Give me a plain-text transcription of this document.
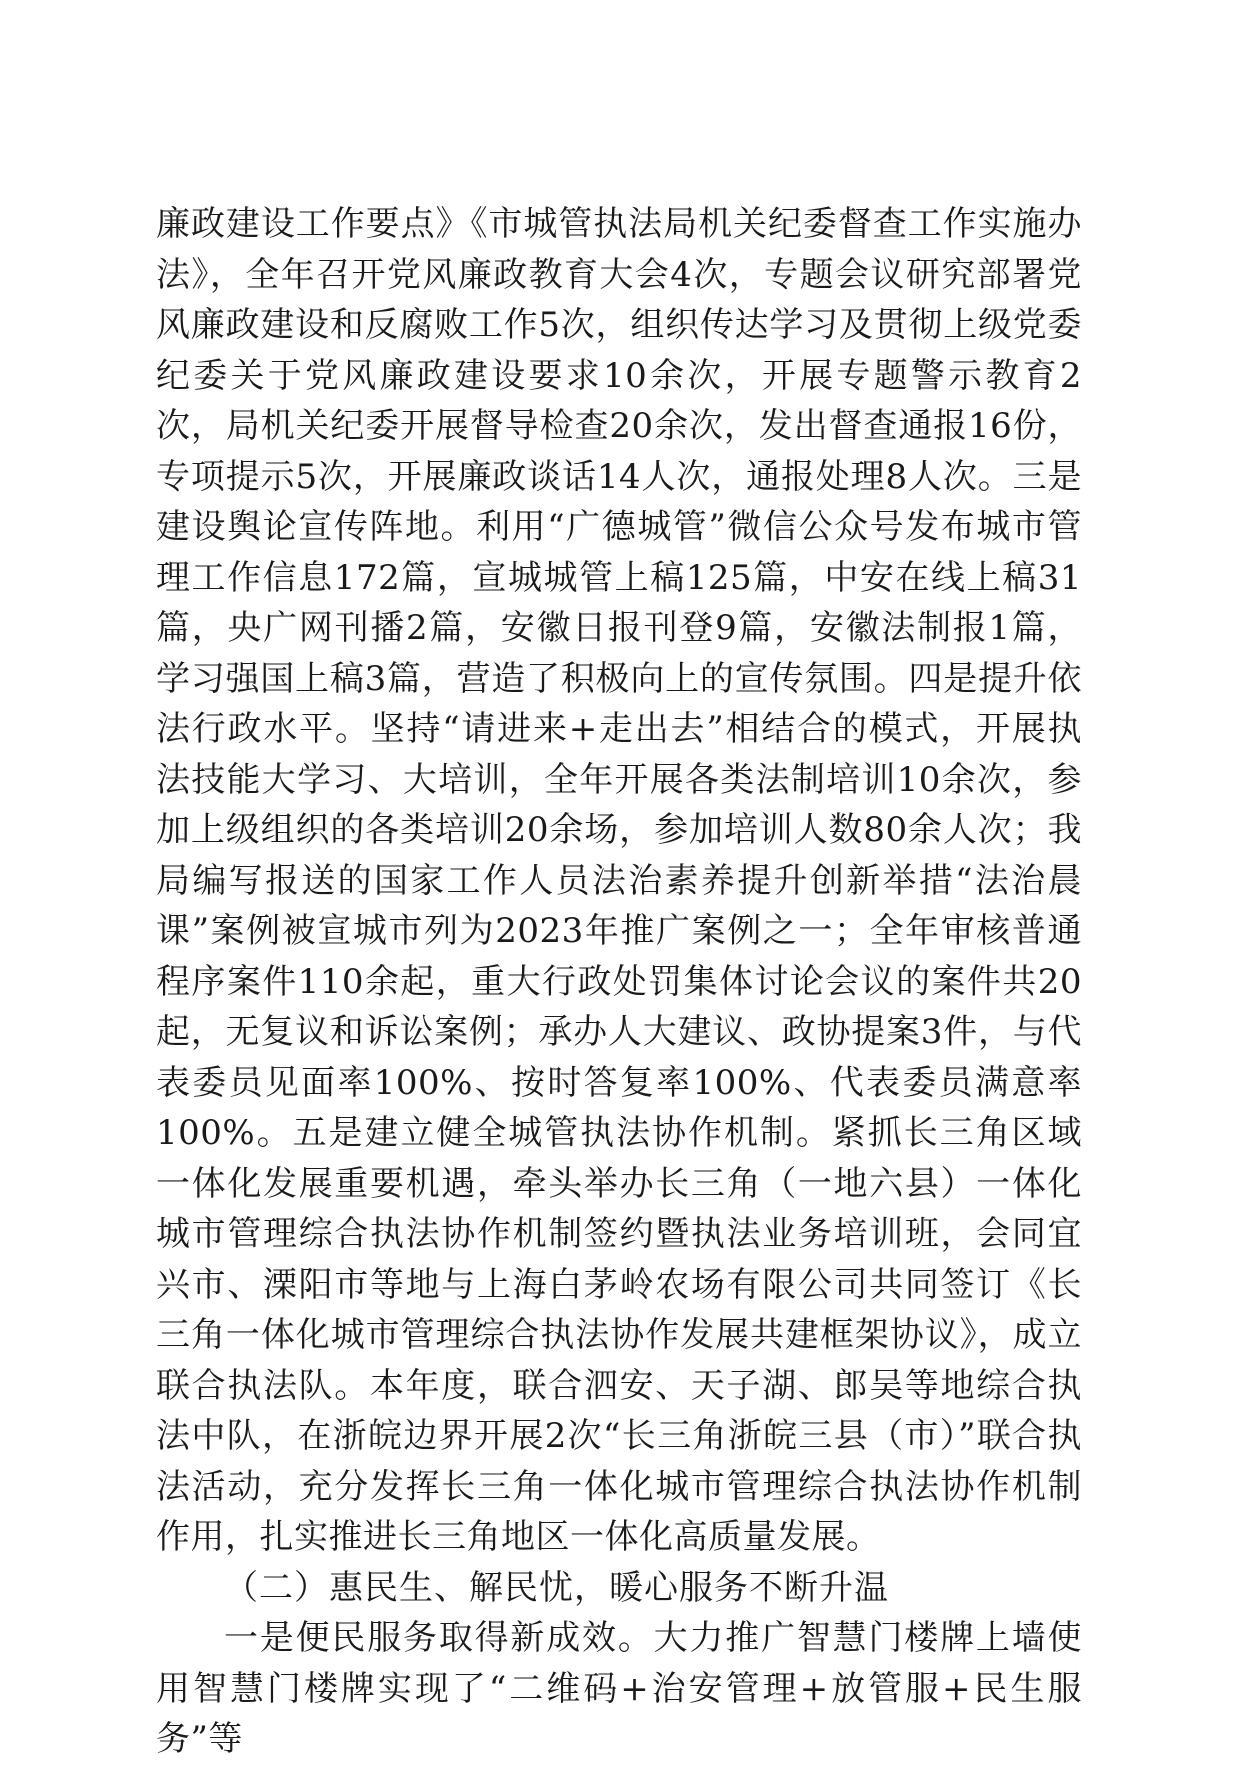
廉政建设工作要点》《市城管执法局机关纪委督查工作实施办法》，全年召开党风廉政教育大会4次，专题会议研究部署党风廉政建设和反腐败工作5次，组织传达学习及贯彻上级党委纪委关于党风廉政建设要求10余次，开展专题警示教育2次，局机关纪委开展督导检查20余次，发出督查通报16份，专项提示5次，开展廉政谈话14人次，通报处理8人次。三是建设舆论宣传阵地。利用“广德城管”微信公众号发布城市管理工作信息172篇，宣城城管上稿125篇，中安在线上稿31篇，央广网刊播2篇，安徽日报刊登9篇，安徽法制报1篇，学习强国上稿3篇，营造了积极向上的宣传氛围。四是提升依法行政水平。坚持“请进来+走出去”相结合的模式，开展执法技能大学习、大培训，全年开展各类法制培训10余次，参加上级组织的各类培训20余场，参加培训人数80余人次；我局编写报送的国家工作人员法治素养提升创新举措“法治晨课”案例被宣城市列为2023年推广案例之一；全年审核普通程序案件110余起，重大行政处罚集体讨论会议的案件共20起，无复议和诉讼案例；承办人大建议、政协提案3件，与代表委员见面率100%、按时答复率100%、代表委员满意率100%。五是建立健全城管执法协作机制。紧抓长三角区域一体化发展重要机遇，牵头举办长三角（一地六县）一体化城市管理综合执法协作机制签约暨执法业务培训班，会同宜兴市、溧阳市等地与上海白茅岭农场有限公司共同签订《长三角一体化城市管理综合执法协作发展共建框架协议》，成立联合执法队。本年度，联合泗安、天子湖、郎吴等地综合执法中队，在浙皖边界开展2次“长三角浙皖三县（市）”联合执法活动，充分发挥长三角一体化城市管理综合执法协作机制作用，扎实推进长三角地区一体化高质量发展。

（二）惠民生、解民忧，暖心服务不断升温

一是便民服务取得新成效。大力推广智慧门楼牌上墙使用智慧门楼牌实现了“二维码+治安管理+放管服+民生服务”等
